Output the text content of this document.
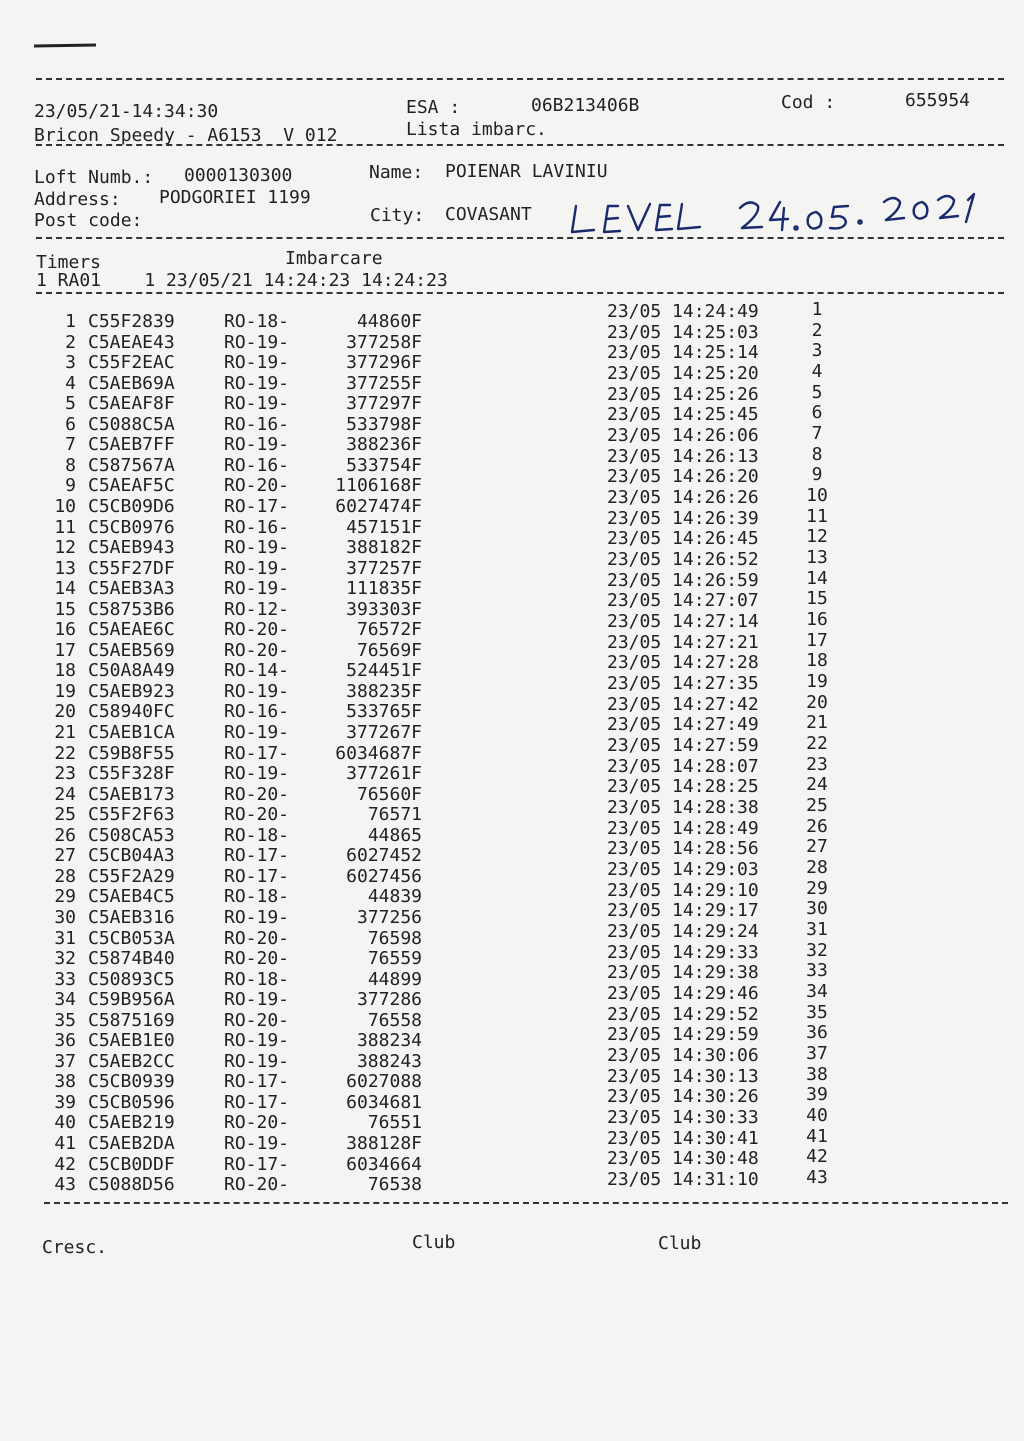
23/05/21-14:34:30	ESA :	06B213406B	Cod :	655954
Bricon Speedy - A6153  V 012	Lista imbarc.
Loft Numb.: 0000130300	Name: POIENAR LAVINIU
Address: PODGORIEI 1199
Post code:	City: COVASANT
Timers	Imbarcare
1 RA01    1 23/05/21 14:24:23 14:24:23
1 C55F2839	RO-18-	44860F	23/05 14:24:49	1
2 C5AEAE43	RO-19-	377258F	23/05 14:25:03	2
3 C55F2EAC	RO-19-	377296F	23/05 14:25:14	3
4 C5AEB69A	RO-19-	377255F	23/05 14:25:20	4
5 C5AEAF8F	RO-19-	377297F	23/05 14:25:26	5
6 C5088C5A	RO-16-	533798F	23/05 14:25:45	6
7 C5AEB7FF	RO-19-	388236F	23/05 14:26:06	7
8 C587567A	RO-16-	533754F	23/05 14:26:13	8
9 C5AEAF5C	RO-20-	1106168F	23/05 14:26:20	9
10 C5CB09D6	RO-17-	6027474F	23/05 14:26:26	10
11 C5CB0976	RO-16-	457151F	23/05 14:26:39	11
12 C5AEB943	RO-19-	388182F	23/05 14:26:45	12
13 C55F27DF	RO-19-	377257F	23/05 14:26:52	13
14 C5AEB3A3	RO-19-	111835F	23/05 14:26:59	14
15 C58753B6	RO-12-	393303F	23/05 14:27:07	15
16 C5AEAE6C	RO-20-	76572F	23/05 14:27:14	16
17 C5AEB569	RO-20-	76569F	23/05 14:27:21	17
18 C50A8A49	RO-14-	524451F	23/05 14:27:28	18
19 C5AEB923	RO-19-	388235F	23/05 14:27:35	19
20 C58940FC	RO-16-	533765F	23/05 14:27:42	20
21 C5AEB1CA	RO-19-	377267F	23/05 14:27:49	21
22 C59B8F55	RO-17-	6034687F	23/05 14:27:59	22
23 C55F328F	RO-19-	377261F	23/05 14:28:07	23
24 C5AEB173	RO-20-	76560F	23/05 14:28:25	24
25 C55F2F63	RO-20-	76571	23/05 14:28:38	25
26 C508CA53	RO-18-	44865	23/05 14:28:49	26
27 C5CB04A3	RO-17-	6027452	23/05 14:28:56	27
28 C55F2A29	RO-17-	6027456	23/05 14:29:03	28
29 C5AEB4C5	RO-18-	44839	23/05 14:29:10	29
30 C5AEB316	RO-19-	377256	23/05 14:29:17	30
31 C5CB053A	RO-20-	76598	23/05 14:29:24	31
32 C5874B40	RO-20-	76559	23/05 14:29:33	32
33 C50893C5	RO-18-	44899	23/05 14:29:38	33
34 C59B956A	RO-19-	377286	23/05 14:29:46	34
35 C5875169	RO-20-	76558	23/05 14:29:52	35
36 C5AEB1E0	RO-19-	388234	23/05 14:29:59	36
37 C5AEB2CC	RO-19-	388243	23/05 14:30:06	37
38 C5CB0939	RO-17-	6027088	23/05 14:30:13	38
39 C5CB0596	RO-17-	6034681	23/05 14:30:26	39
40 C5AEB219	RO-20-	76551	23/05 14:30:33	40
41 C5AEB2DA	RO-19-	388128F	23/05 14:30:41	41
42 C5CB0DDF	RO-17-	6034664	23/05 14:30:48	42
43 C5088D56	RO-20-	76538	23/05 14:31:10	43
Cresc.	Club	Club
